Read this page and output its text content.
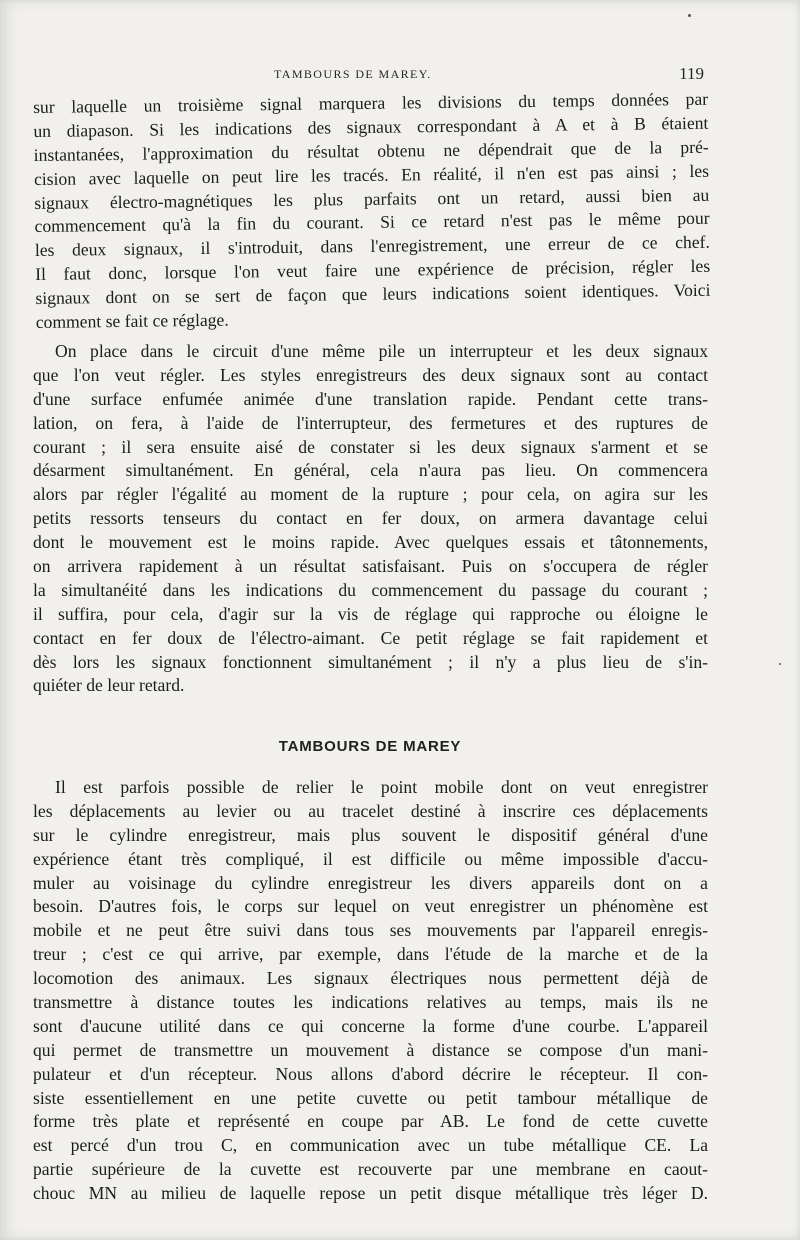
TAMBOURS DE MAREY.	119
sur laquelle un troisième signal marquera les divisions du temps données par
un diapason. Si les indications des signaux correspondant à A et à B étaient
instantanées, l'approximation du résultat obtenu ne dépendrait que de la pré-
cision avec laquelle on peut lire les tracés. En réalité, il n'en est pas ainsi ; les
signaux électro-magnétiques les plus parfaits ont un retard, aussi bien au
commencement qu'à la fin du courant. Si ce retard n'est pas le même pour
les deux signaux, il s'introduit, dans l'enregistrement, une erreur de ce chef.
Il faut donc, lorsque l'on veut faire une expérience de précision, régler les
signaux dont on se sert de façon que leurs indications soient identiques. Voici
comment se fait ce réglage.
On place dans le circuit d'une même pile un interrupteur et les deux signaux
que l'on veut régler. Les styles enregistreurs des deux signaux sont au contact
d'une surface enfumée animée d'une translation rapide. Pendant cette trans-
lation, on fera, à l'aide de l'interrupteur, des fermetures et des ruptures de
courant ; il sera ensuite aisé de constater si les deux signaux s'arment et se
désarment simultanément. En général, cela n'aura pas lieu. On commencera
alors par régler l'égalité au moment de la rupture ; pour cela, on agira sur les
petits ressorts tenseurs du contact en fer doux, on armera davantage celui
dont le mouvement est le moins rapide. Avec quelques essais et tâtonnements,
on arrivera rapidement à un résultat satisfaisant. Puis on s'occupera de régler
la simultanéité dans les indications du commencement du passage du courant ;
il suffira, pour cela, d'agir sur la vis de réglage qui rapproche ou éloigne le
contact en fer doux de l'électro-aimant. Ce petit réglage se fait rapidement et
dès lors les signaux fonctionnent simultanément ; il n'y a plus lieu de s'in-
quiéter de leur retard.
TAMBOURS DE MAREY
Il est parfois possible de relier le point mobile dont on veut enregistrer
les déplacements au levier ou au tracelet destiné à inscrire ces déplacements
sur le cylindre enregistreur, mais plus souvent le dispositif général d'une
expérience étant très compliqué, il est difficile ou même impossible d'accu-
muler au voisinage du cylindre enregistreur les divers appareils dont on a
besoin. D'autres fois, le corps sur lequel on veut enregistrer un phénomène est
mobile et ne peut être suivi dans tous ses mouvements par l'appareil enregis-
treur ; c'est ce qui arrive, par exemple, dans l'étude de la marche et de la
locomotion des animaux. Les signaux électriques nous permettent déjà de
transmettre à distance toutes les indications relatives au temps, mais ils ne
sont d'aucune utilité dans ce qui concerne la forme d'une courbe. L'appareil
qui permet de transmettre un mouvement à distance se compose d'un mani-
pulateur et d'un récepteur. Nous allons d'abord décrire le récepteur. Il con-
siste essentiellement en une petite cuvette ou petit tambour métallique de
forme très plate et représenté en coupe par AB. Le fond de cette cuvette
est percé d'un trou C, en communication avec un tube métallique CE. La
partie supérieure de la cuvette est recouverte par une membrane en caout-
chouc MN au milieu de laquelle repose un petit disque métallique très léger D.
